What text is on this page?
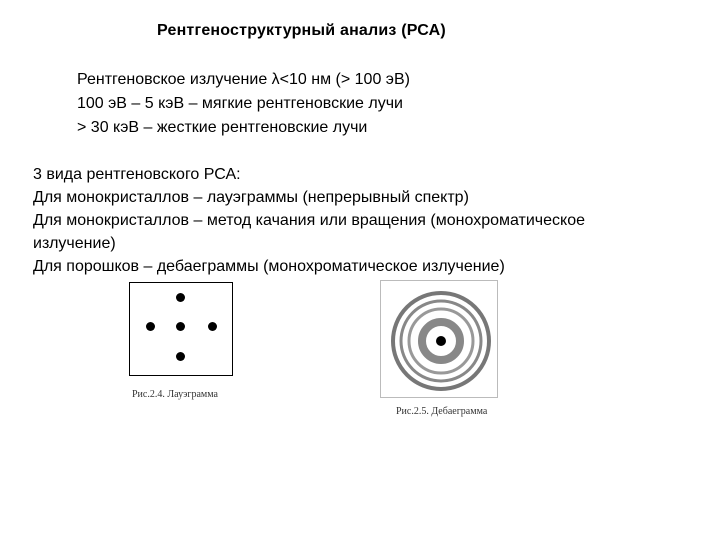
Рентгеноструктурный анализ (РСА)
Рентгеновское излучение λ<10 нм (> 100 эВ)
100 эВ – 5 кэВ – мягкие рентгеновские лучи
> 30 кэВ – жесткие рентгеновские лучи
3 вида рентгеновского РСА:
Для монокристаллов – лауэграммы (непрерывный спектр)
Для монокристаллов – метод качания или вращения (монохроматическое
излучение)
Для порошков – дебаеграммы (монохроматическое излучение)
Рис.2.4. Лауэграмма
Рис.2.5. Дебаеграмма
